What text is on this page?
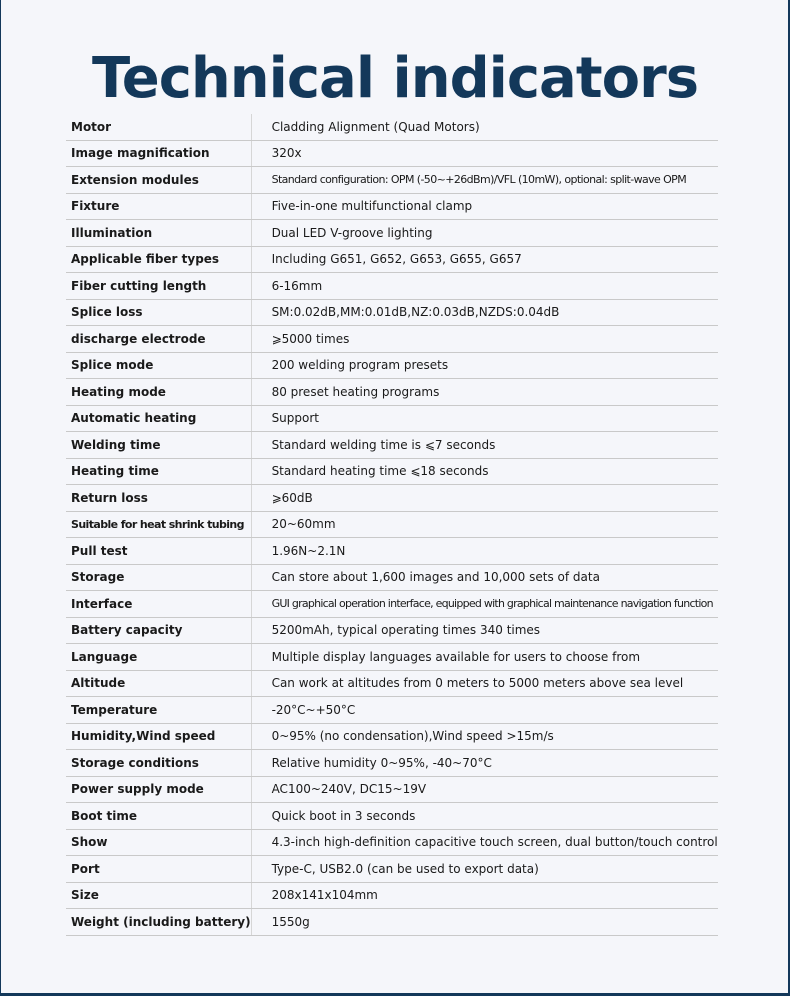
Technical indicators
Motor	Cladding Alignment (Quad Motors)
Image magnification	320x
Extension modules	Standard configuration: OPM (-50~+26dBm)/VFL (10mW), optional: split-wave OPM
Fixture	Five-in-one multifunctional clamp
Illumination	Dual LED V-groove lighting
Applicable fiber types	Including G651, G652, G653, G655, G657
Fiber cutting length	6-16mm
Splice loss	SM:0.02dB,MM:0.01dB,NZ:0.03dB,NZDS:0.04dB
discharge electrode	⩾5000 times
Splice mode	200 welding program presets
Heating mode	80 preset heating programs
Automatic heating	Support
Welding time	Standard welding time is ⩽7 seconds
Heating time	Standard heating time ⩽18 seconds
Return loss	⩾60dB
Suitable for heat shrink tubing	20~60mm
Pull test	1.96N~2.1N
Storage	Can store about 1,600 images and 10,000 sets of data
Interface	GUI graphical operation interface, equipped with graphical maintenance navigation function
Battery capacity	5200mAh, typical operating times 340 times
Language	Multiple display languages available for users to choose from
Altitude	Can work at altitudes from 0 meters to 5000 meters above sea level
Temperature	-20°C~+50°C
Humidity,Wind speed	0~95% (no condensation),Wind speed >15m/s
Storage conditions	Relative humidity 0~95%, -40~70°C
Power supply mode	AC100~240V, DC15~19V
Boot time	Quick boot in 3 seconds
Show	4.3-inch high-definition capacitive touch screen, dual button/touch control
Port	Type-C, USB2.0 (can be used to export data)
Size	208x141x104mm
Weight (including battery)	1550g
